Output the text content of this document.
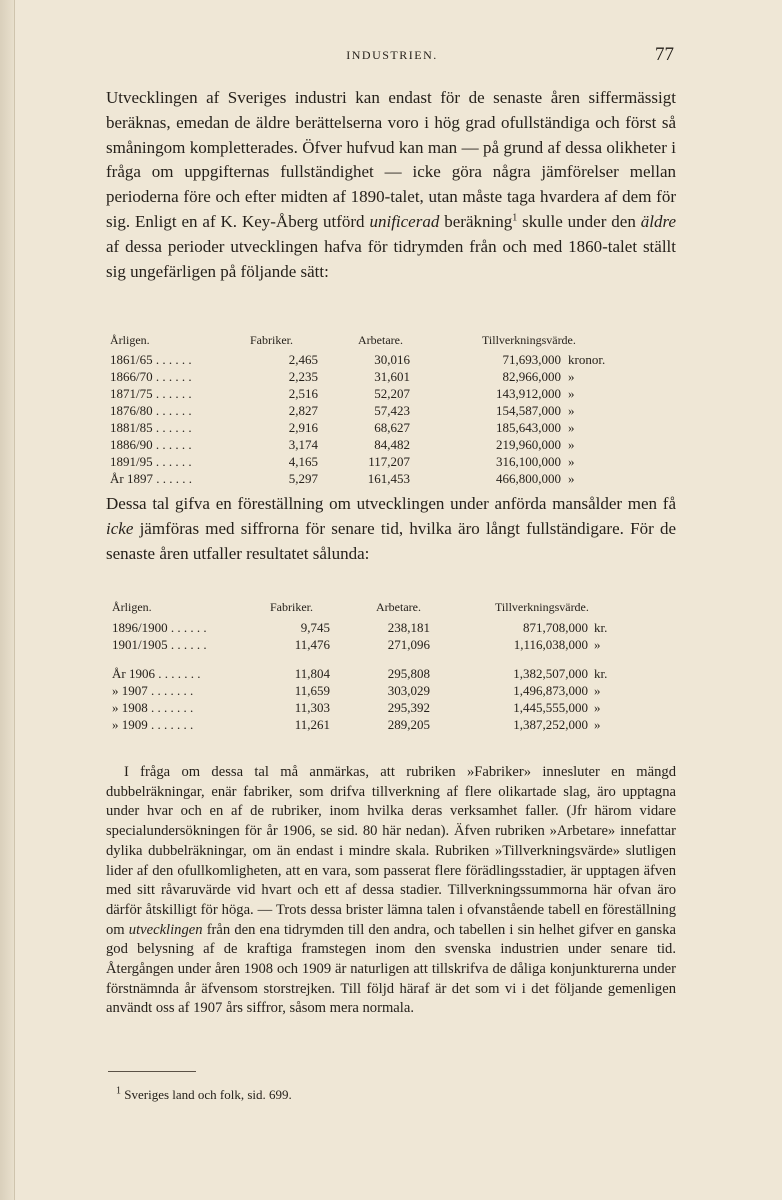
INDUSTRIEN.	77

Utvecklingen af Sveriges industri kan endast för de senaste åren siffermässigt beräknas, emedan de äldre berättelserna voro i hög grad ofullständiga och först så småningom kompletterades. Öfver hufvud kan man — på grund af dessa olikheter i fråga om uppgifternas fullständighet — icke göra några jämförelser mellan perioderna före och efter midten af 1890-talet, utan måste taga hvardera af dem för sig. Enligt en af K. Key-Åberg utförd unificerad beräkning$^1$ skulle under den äldre af dessa perioder utvecklingen hafva för tidrymden från och med 1860-talet ställt sig ungefärligen på följande sätt:

Årligen.	Fabriker.	Arbetare.	Tillverkningsvärde.
1861/65 . . . . . .	2,465	30,016	71,693,000 kronor.
1866/70 . . . . . .	2,235	31,601	82,966,000 »
1871/75 . . . . . .	2,516	52,207	143,912,000 »
1876/80 . . . . . .	2,827	57,423	154,587,000 »
1881/85 . . . . . .	2,916	68,627	185,643,000 »
1886/90 . . . . . .	3,174	84,482	219,960,000 »
1891/95 . . . . . .	4,165	117,207	316,100,000 »
År 1897 . . . . . .	5,297	161,453	466,800,000 »

Dessa tal gifva en föreställning om utvecklingen under anförda mansålder men få icke jämföras med siffrorna för senare tid, hvilka äro långt fullständigare. För de senaste åren utfaller resultatet sålunda:

Årligen.	Fabriker.	Arbetare.	Tillverkningsvärde.
1896/1900 . . . . . .	9,745	238,181	871,708,000 kr.
1901/1905 . . . . . .	11,476	271,096	1,116,038,000 »
År 1906 . . . . . . .	11,804	295,808	1,382,507,000 kr.
» 1907 . . . . . . .	11,659	303,029	1,496,873,000 »
» 1908 . . . . . . .	11,303	295,392	1,445,555,000 »
» 1909 . . . . . . .	11,261	289,205	1,387,252,000 »

I fråga om dessa tal må anmärkas, att rubriken »Fabriker» innesluter en mängd dubbelräkningar, enär fabriker, som drifva tillverkning af flere olikartade slag, äro upptagna under hvar och en af de rubriker, inom hvilka deras verksamhet faller. (Jfr härom vidare specialundersökningen för år 1906, se sid. 80 här nedan). Äfven rubriken »Arbetare» innefattar dylika dubbelräkningar, om än endast i mindre skala. Rubriken »Tillverkningsvärde» slutligen lider af den ofullkomligheten, att en vara, som passerat flere förädlingsstadier, är upptagen äfven med sitt råvaruvärde vid hvart och ett af dessa stadier. Tillverkningssummorna här ofvan äro därför åtskilligt för höga. — Trots dessa brister lämna talen i ofvanstående tabell en föreställning om utvecklingen från den ena tidrymden till den andra, och tabellen i sin helhet gifver en ganska god belysning af de kraftiga framstegen inom den svenska industrien under senare tid. Återgången under åren 1908 och 1909 är naturligen att tillskrifva de dåliga konjunkturerna under förstnämnda år äfvensom storstrejken. Till följd häraf är det som vi i det följande gemenligen användt oss af 1907 års siffror, såsom mera normala.

$^1$ Sveriges land och folk, sid. 699.
